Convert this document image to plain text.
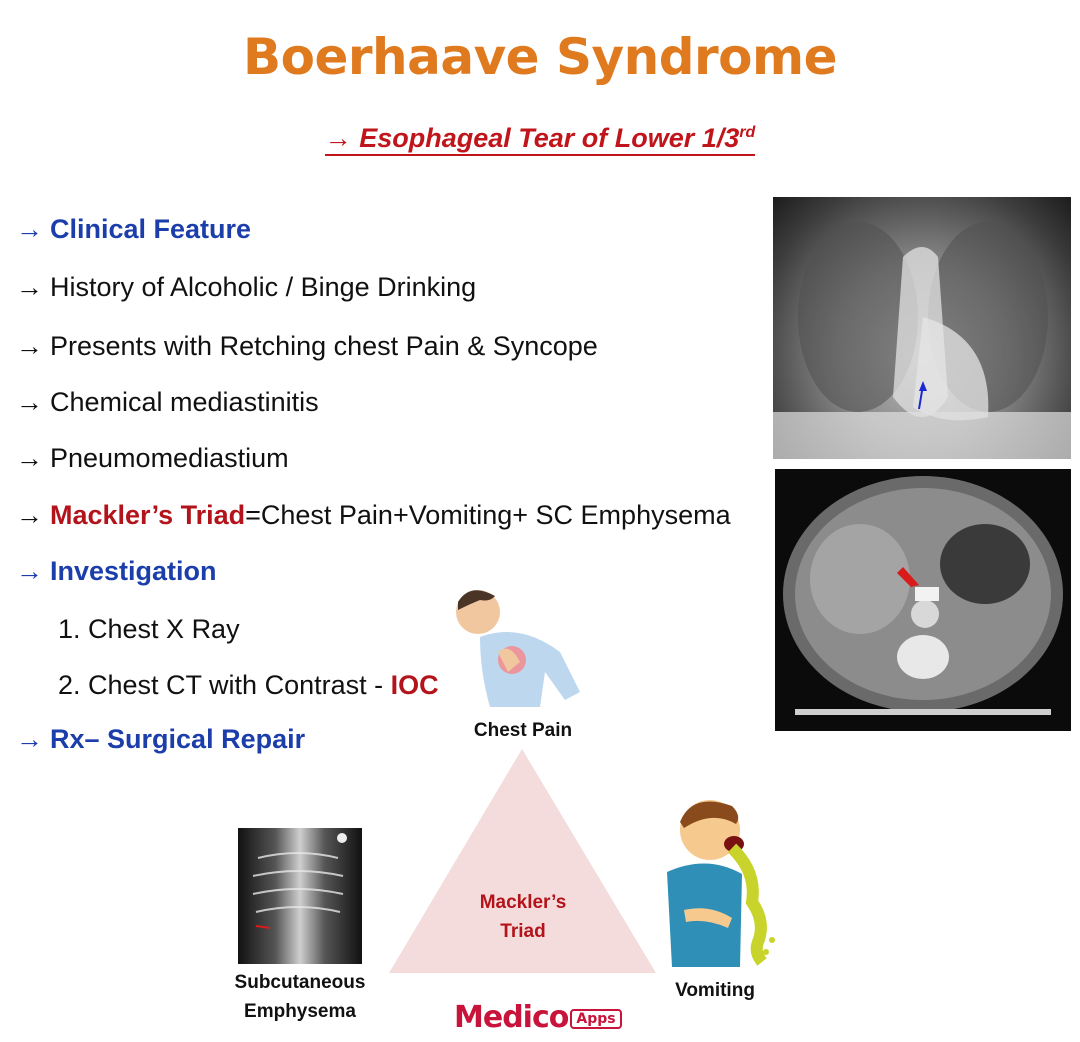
Boerhaave Syndrome
→ Esophageal Tear of Lower 1/3rd
→ Clinical Feature
→ History of Alcoholic / Binge Drinking
→ Presents with Retching chest Pain & Syncope
→ Chemical mediastinitis
→ Pneumomediastium
→ Mackler’s Triad=Chest Pain+Vomiting+ SC Emphysema
→ Investigation
1. Chest X Ray
2. Chest CT with Contrast - IOC
→ Rx– Surgical Repair	Chest Pain
Vomiting
Mackler’s
Triad
Subcutaneous
Emphysema	Medico Apps
